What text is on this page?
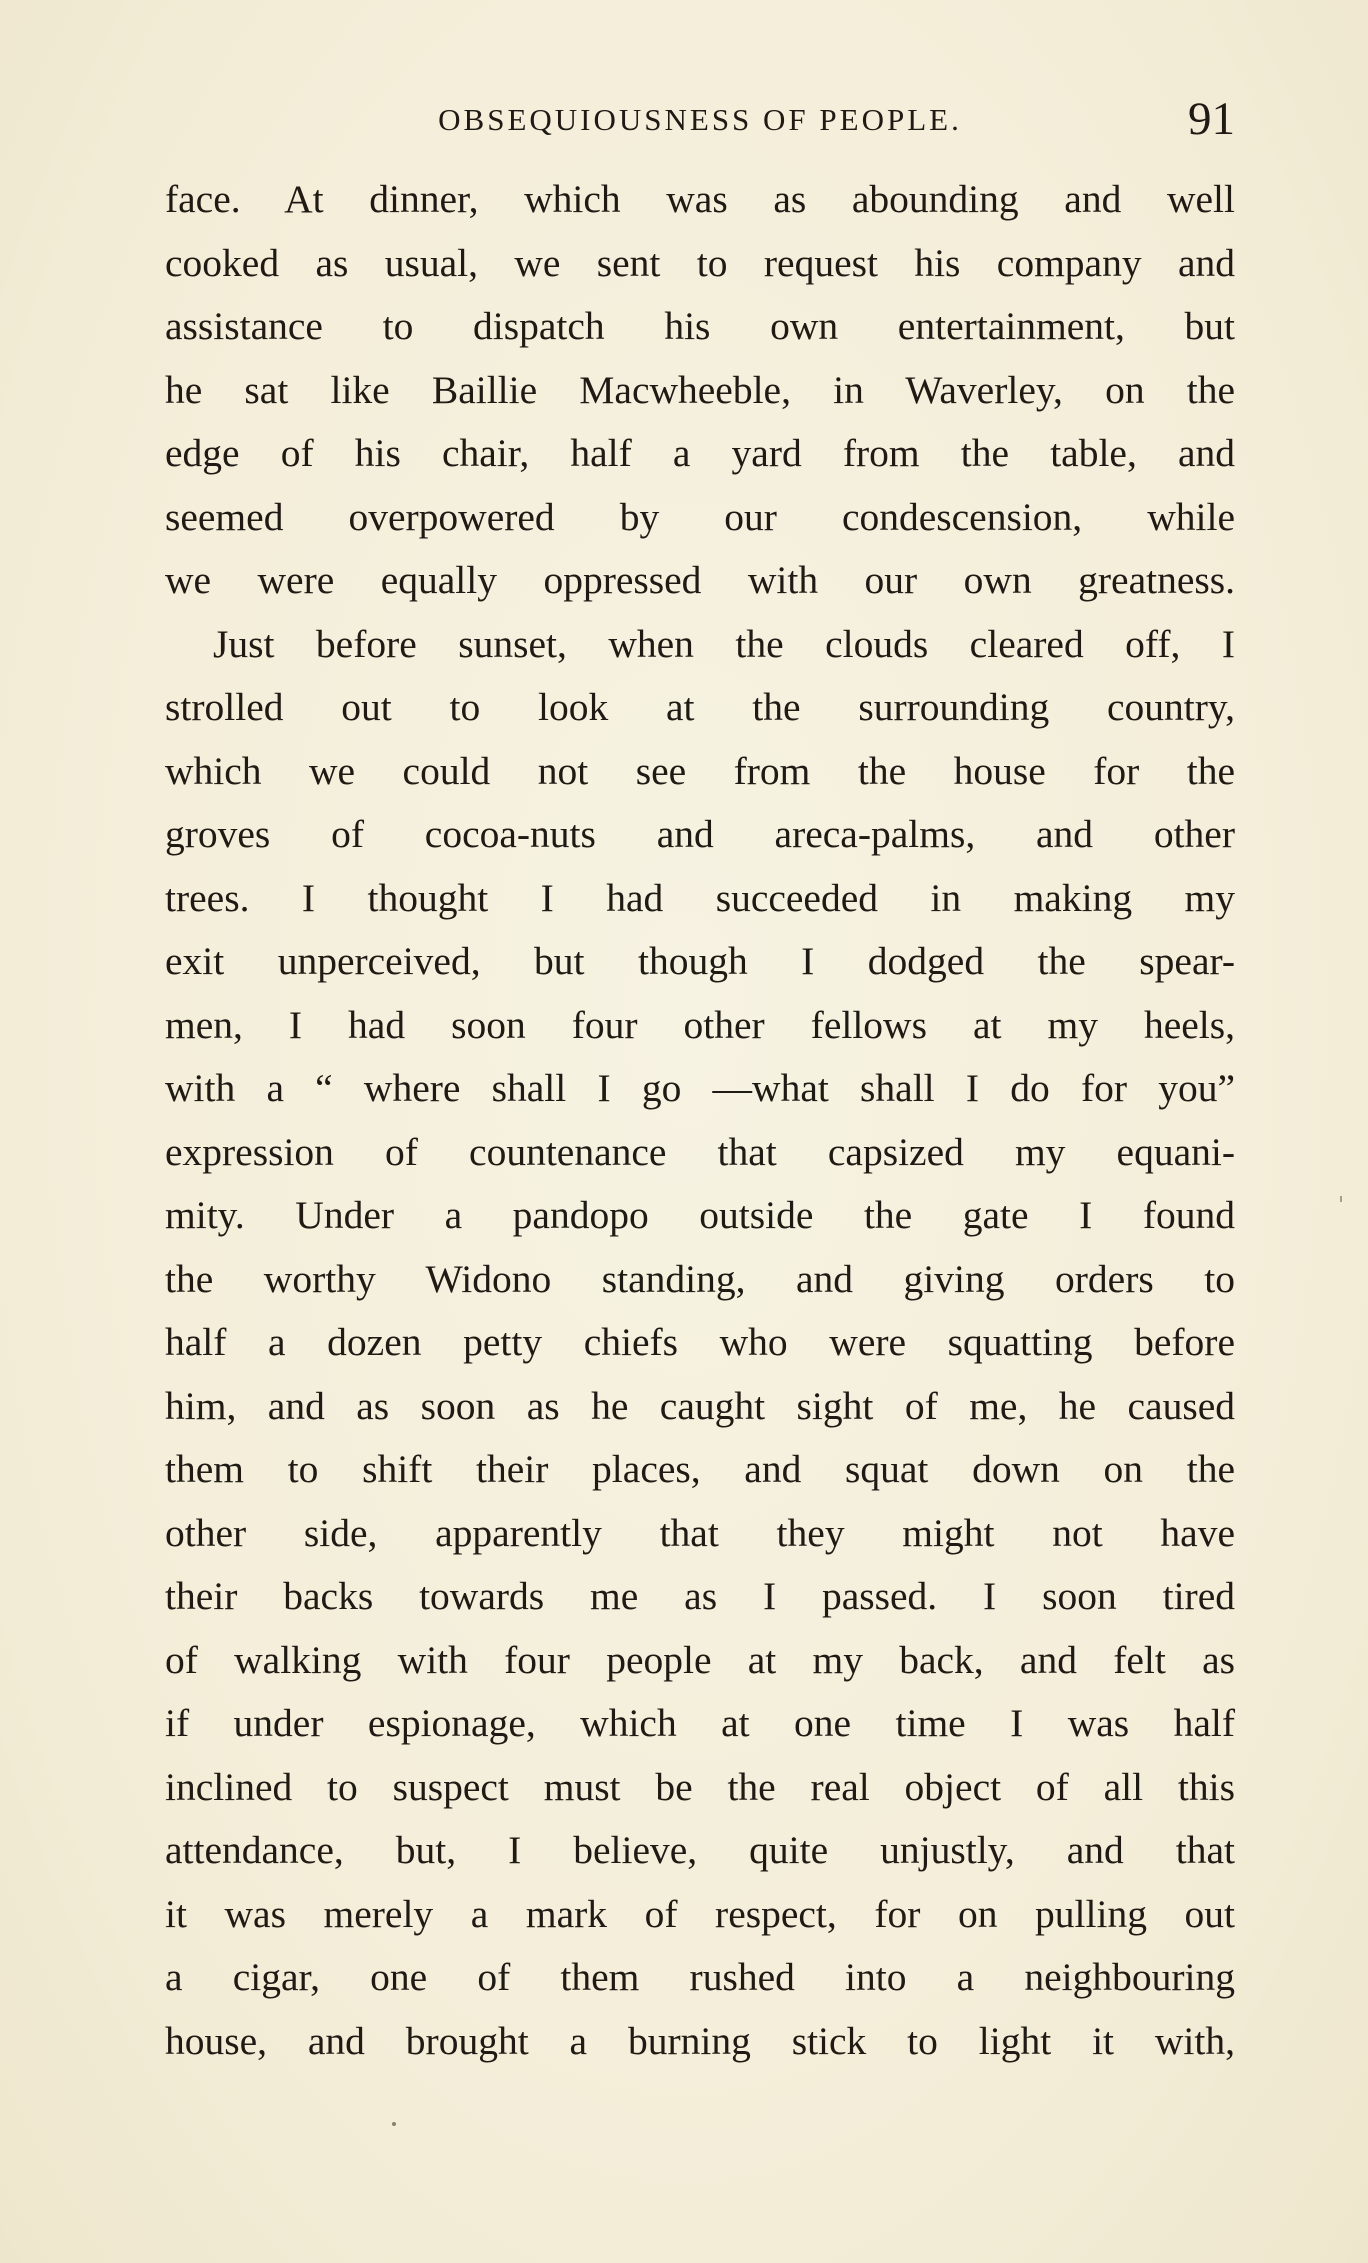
OBSEQUIOUSNESS OF PEOPLE.	91
face. At dinner, which was as abounding and well
cooked as usual, we sent to request his company and
assistance to dispatch his own entertainment, but
he sat like Baillie Macwheeble, in Waverley, on the
edge of his chair, half a yard from the table, and
seemed overpowered by our condescension, while
we were equally oppressed with our own greatness.
Just before sunset, when the clouds cleared off, I
strolled out to look at the surrounding country,
which we could not see from the house for the
groves of cocoa-nuts and areca-palms, and other
trees. I thought I had succeeded in making my
exit unperceived, but though I dodged the spear-
men, I had soon four other fellows at my heels,
with a “ where shall I go —what shall I do for you”
expression of countenance that capsized my equani-
mity. Under a pandopo outside the gate I found
the worthy Widono standing, and giving orders to
half a dozen petty chiefs who were squatting before
him, and as soon as he caught sight of me, he caused
them to shift their places, and squat down on the
other side, apparently that they might not have
their backs towards me as I passed. I soon tired
of walking with four people at my back, and felt as
if under espionage, which at one time I was half
inclined to suspect must be the real object of all this
attendance, but, I believe, quite unjustly, and that
it was merely a mark of respect, for on pulling out
a cigar, one of them rushed into a neighbouring
house, and brought a burning stick to light it with,
